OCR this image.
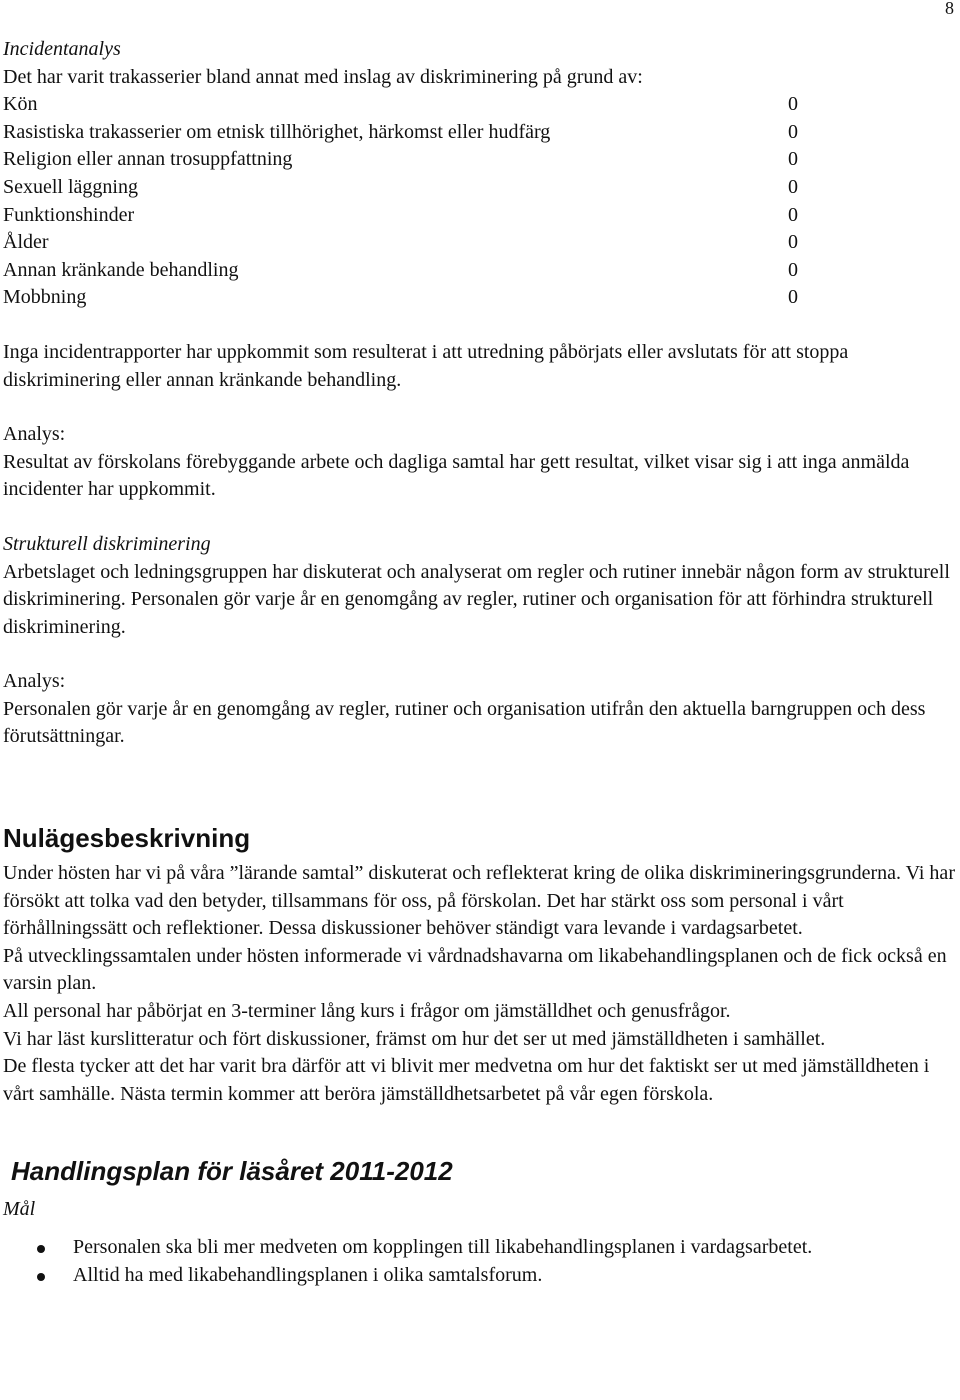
8

Incidentanalys

Det har varit trakasserier bland annat med inslag av diskriminering på grund av:

Kön	0
Rasistiska trakasserier om etnisk tillhörighet, härkomst eller hudfärg	0
Religion eller annan trosuppfattning	0
Sexuell läggning	0
Funktionshinder	0
Ålder	0
Annan kränkande behandling	0
Mobbning	0

Inga incidentrapporter har uppkommit som resulterat i att utredning påbörjats eller avslutats för att stoppa diskriminering eller annan kränkande behandling.

Analys:

Resultat av förskolans förebyggande arbete och dagliga samtal har gett resultat, vilket visar sig i att inga anmälda incidenter har uppkommit.

Strukturell diskriminering

Arbetslaget och ledningsgruppen har diskuterat och analyserat om regler och rutiner innebär någon form av strukturell diskriminering. Personalen gör varje år en genomgång av regler, rutiner och organisation för att förhindra strukturell diskriminering.

Analys:

Personalen gör varje år en genomgång av regler, rutiner och organisation utifrån den aktuella barngruppen och dess förutsättningar.

Nulägesbeskrivning

Under hösten har vi på våra ”lärande samtal” diskuterat och reflekterat kring de olika diskrimineringsgrunderna. Vi har försökt att tolka vad den betyder, tillsammans för oss, på förskolan. Det har stärkt oss som personal i vårt förhållningssätt och reflektioner. Dessa diskussioner behöver ständigt vara levande i vardagsarbetet.

På utvecklingssamtalen under hösten informerade vi vårdnadshavarna om likabehandlingsplanen och de fick också en varsin plan.

All personal har påbörjat en 3-terminer lång kurs i frågor om jämställdhet och genusfrågor.

Vi har läst kurslitteratur och fört diskussioner, främst om hur det ser ut med jämställdheten i samhället.

De flesta tycker att det har varit bra därför att vi blivit mer medvetna om hur det faktiskt ser ut med jämställdheten i vårt samhälle. Nästa termin kommer att beröra jämställdhetsarbetet på vår egen förskola.

Handlingsplan för läsåret 2011-2012

Mål

Personalen ska bli mer medveten om kopplingen till likabehandlingsplanen i vardagsarbetet.
Alltid ha med likabehandlingsplanen i olika samtalsforum.
